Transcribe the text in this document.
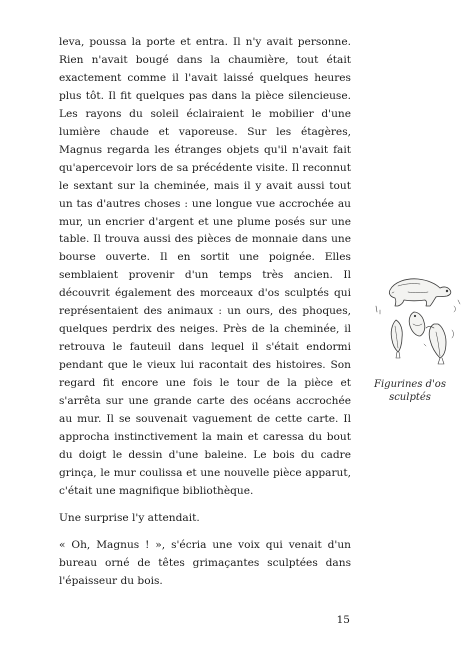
leva, poussa la porte et entra. Il n'y avait personne. Rien n'avait bougé dans la chaumière, tout était exactement comme il l'avait laissé quelques heures plus tôt. Il fit quelques pas dans la pièce silencieuse. Les rayons du soleil éclairaient le mobilier d'une lumière chaude et vaporeuse. Sur les étagères, Magnus regarda les étranges objets qu'il n'avait fait qu'apercevoir lors de sa précédente visite. Il reconnut le sextant sur la cheminée, mais il y avait aussi tout un tas d'autres choses : une longue vue accrochée au mur, un encrier d'argent et une plume posés sur une table. Il trouva aussi des pièces de monnaie dans une bourse ouverte. Il en sortit une poignée. Elles semblaient provenir d'un temps très ancien. Il découvrit également des morceaux d'os sculptés qui représentaient des animaux : un ours, des phoques, quelques perdrix des neiges. Près de la cheminée, il retrouva le fauteuil dans lequel il s'était endormi pendant que le vieux lui racontait des histoires. Son regard fit encore une fois le tour de la pièce et s'arrêta sur une grande carte des océans accrochée au mur. Il se souvenait vaguement de cette carte. Il approcha instinctivement la main et caressa du bout du doigt le dessin d'une baleine. Le bois du cadre grinça, le mur coulissa et une nouvelle pièce apparut, c'était une magnifique bibliothèque.

Une surprise l'y attendait.

« Oh, Magnus ! », s'écria une voix qui venait d'un bureau orné de têtes grimaçantes sculptées dans l'épaisseur du bois.

Figurines d'os sculptés
15
